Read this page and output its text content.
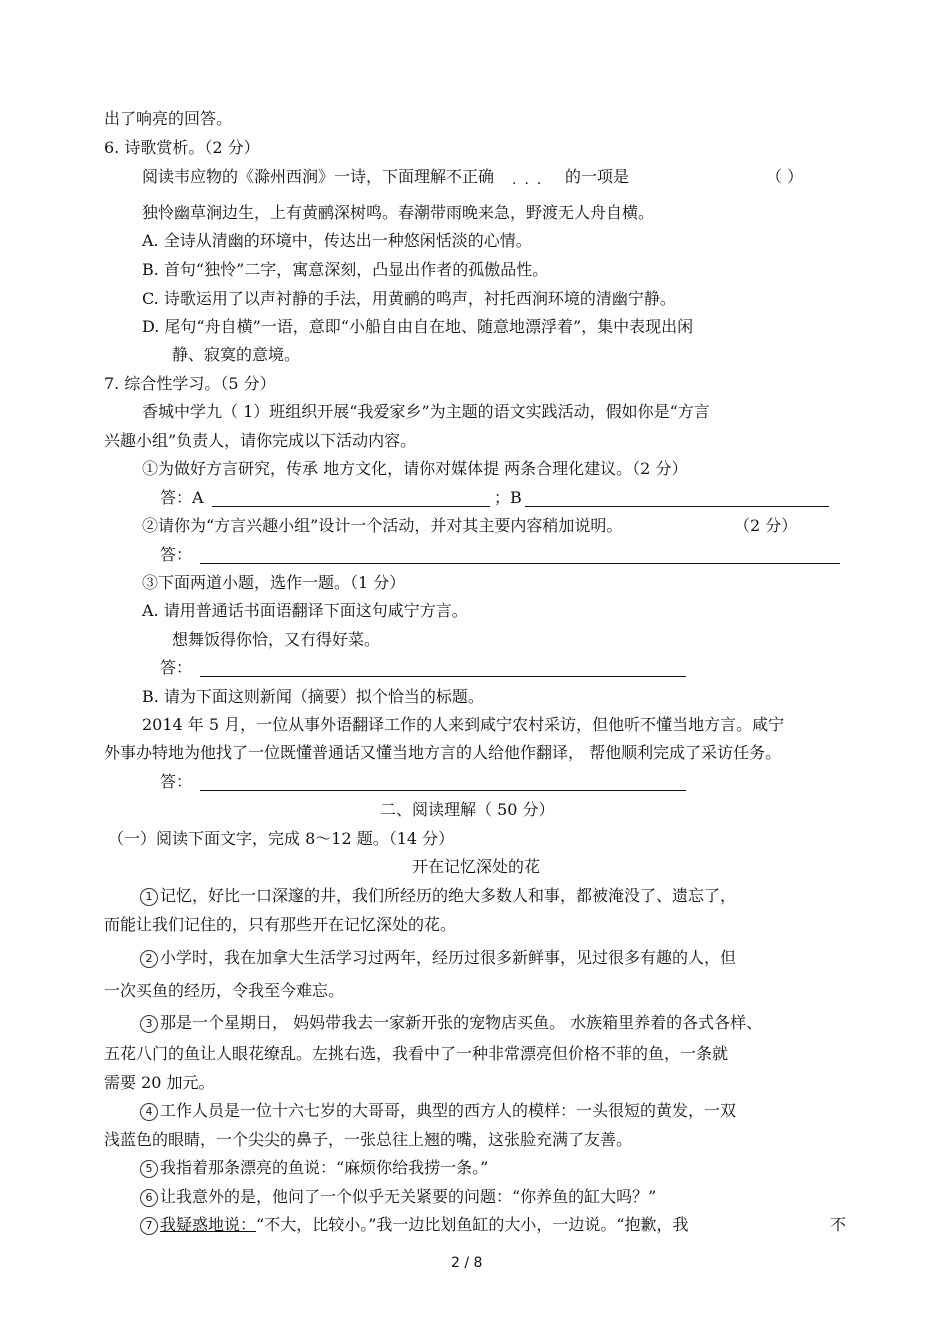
出了响亮的回答。
6. 诗歌赏析。（2 分）
阅读韦应物的《滁州西涧》一诗，下面理解不正确 ··· 的一项是	（ ）
独怜幽草涧边生，上有黄鹂深树鸣。春潮带雨晚来急，野渡无人舟自横。
A. 全诗从清幽的环境中，传达出一种悠闲恬淡的心情。
B. 首句“独怜”二字，寓意深刻，凸显出作者的孤傲品性。
C. 诗歌运用了以声衬静的手法，用黄鹂的鸣声，衬托西涧环境的清幽宁静。
D. 尾句“舟自横”一语，意即“小船自由自在地、随意地漂浮着”，集中表现出闲
静、寂寞的意境。
7. 综合性学习。（5 分）
香城中学九（ 1）班组织开展“我爱家乡”为主题的语文实践活动，假如你是“方言
兴趣小组”负责人，请你完成以下活动内容。
①为做好方言研究，传承 地方文化，请你对媒体提 两条合理化建议。（2 分）
答：A	；B
②请你为“方言兴趣小组”设计一个活动，并对其主要内容稍加说明。	（2 分）
答：
③下面两道小题，选作一题。（1 分）
A. 请用普通话书面语翻译下面这句咸宁方言。
想舞饭得你恰，又冇得好菜。
答：
B. 请为下面这则新闻（摘要）拟个恰当的标题。
2014 年 5 月，一位从事外语翻译工作的人来到咸宁农村采访，但他听不懂当地方言。咸宁
外事办特地为他找了一位既懂普通话又懂当地方言的人给他作翻译， 帮他顺利完成了采访任务。
答：
二、阅读理解（ 50 分）
（一）阅读下面文字，完成 8～12 题。（14 分）
开在记忆深处的花
1 记忆，好比一口深邃的井，我们所经历的绝大多数人和事，都被淹没了、遗忘了，
而能让我们记住的，只有那些开在记忆深处的花。
2 小学时，我在加拿大生活学习过两年，经历过很多新鲜事，见过很多有趣的人，但
一次买鱼的经历，令我至今难忘。
3 那是一个星期日， 妈妈带我去一家新开张的宠物店买鱼。 水族箱里养着的各式各样、
五花八门的鱼让人眼花缭乱。左挑右选，我看中了一种非常漂亮但价格不菲的鱼，一条就
需要 20 加元。
4 工作人员是一位十六七岁的大哥哥，典型的西方人的模样：一头很短的黄发，一双
浅蓝色的眼睛，一个尖尖的鼻子，一张总往上翘的嘴，这张脸充满了友善。
5 我指着那条漂亮的鱼说：“麻烦你给我捞一条。”
6 让我意外的是，他问了一个似乎无关紧要的问题：“你养鱼的缸大吗？”
7 我疑惑地说：“不大，比较小。”我一边比划鱼缸的大小，一边说。“抱歉，我	不
2 / 8
